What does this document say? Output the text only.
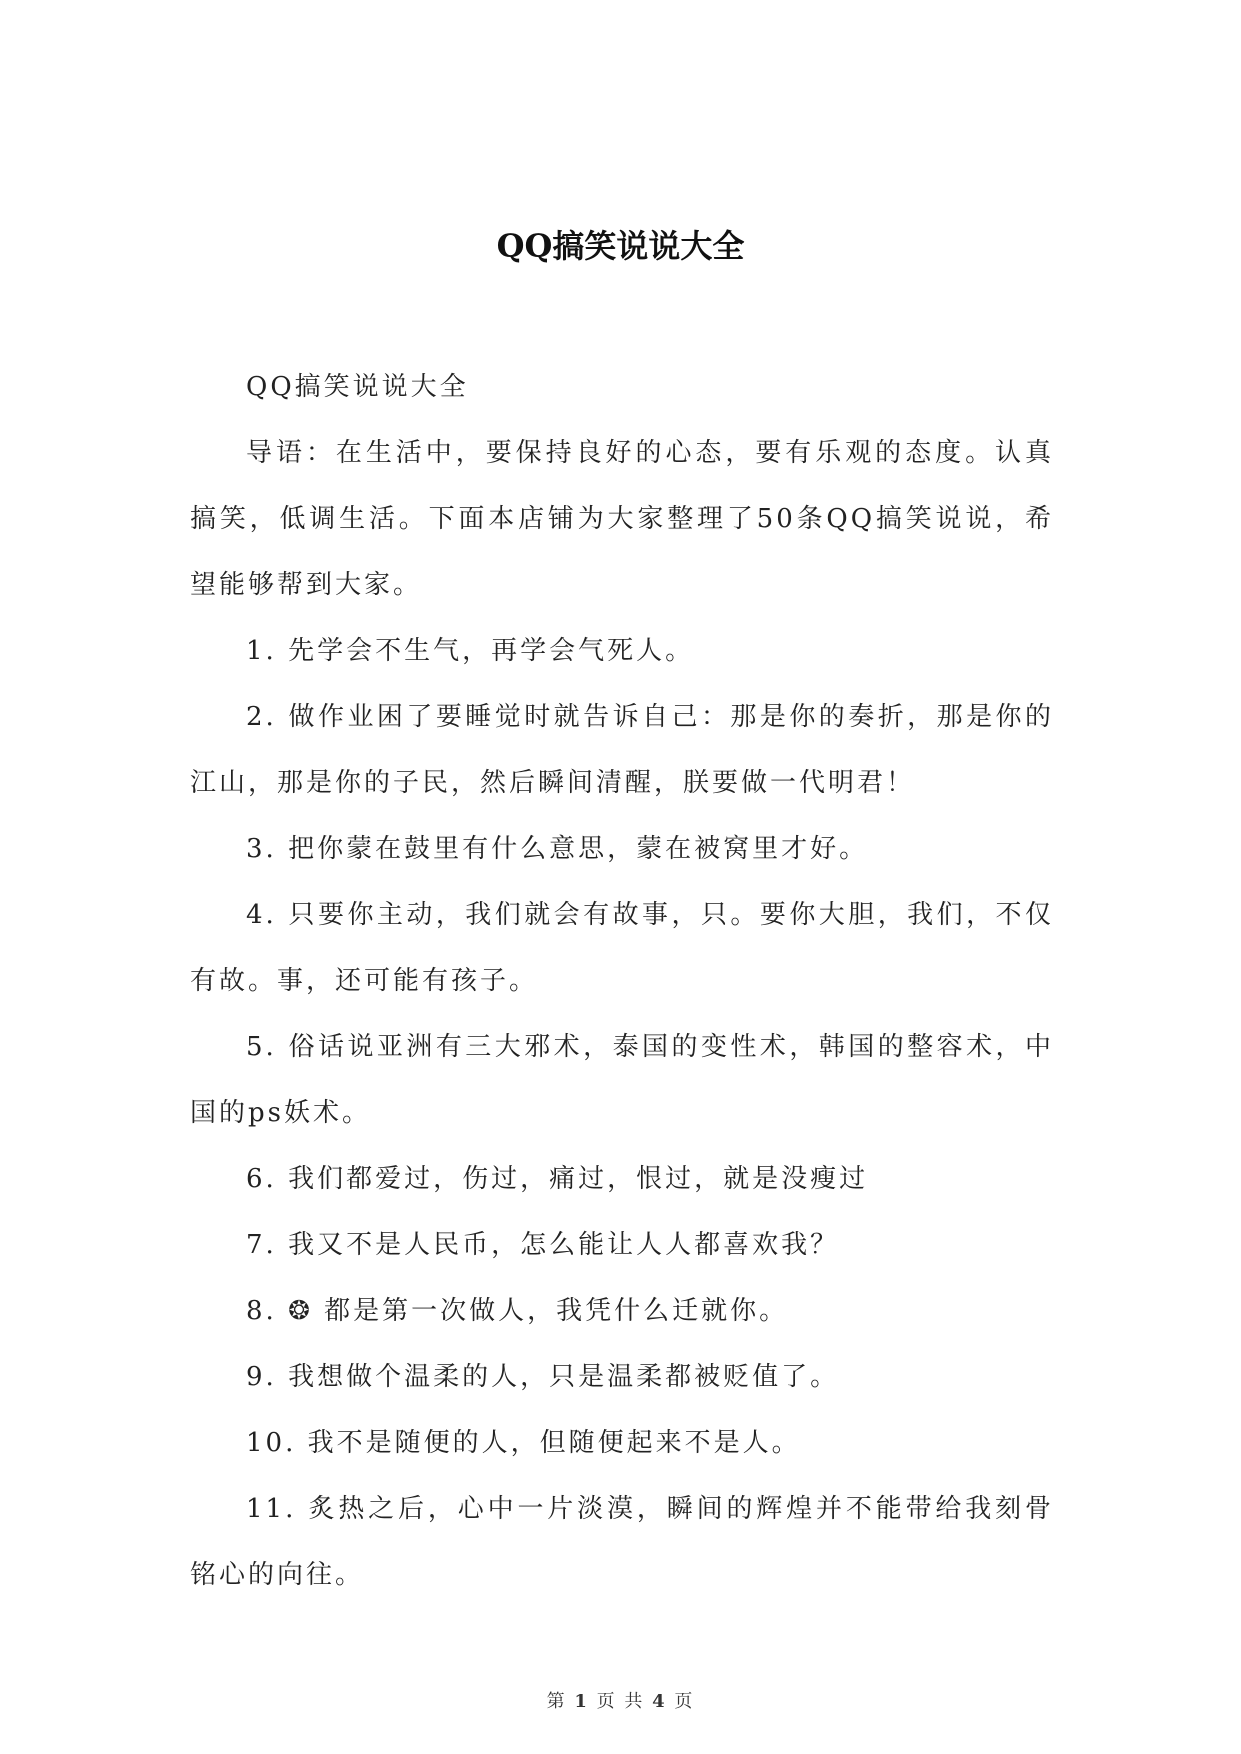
QQ搞笑说说大全

QQ搞笑说说大全

导语：在生活中，要保持良好的心态，要有乐观的态度。认真搞笑，低调生活。下面本店铺为大家整理了50条QQ搞笑说说，希望能够帮到大家。

1. 先学会不生气，再学会气死人。

2. 做作业困了要睡觉时就告诉自己：那是你的奏折，那是你的江山，那是你的子民，然后瞬间清醒，朕要做一代明君！

3. 把你蒙在鼓里有什么意思，蒙在被窝里才好。

4. 只要你主动，我们就会有故事，只。要你大胆，我们，不仅有故。事，还可能有孩子。

5. 俗话说亚洲有三大邪术，泰国的变性术，韩国的整容术，中国的ps妖术。

6. 我们都爱过，伤过，痛过，恨过，就是没瘦过

7. 我又不是人民币，怎么能让人人都喜欢我？

8. ❂ 都是第一次做人，我凭什么迁就你。

9. 我想做个温柔的人，只是温柔都被贬值了。

10. 我不是随便的人，但随便起来不是人。

11. 炙热之后，心中一片淡漠，瞬间的辉煌并不能带给我刻骨铭心的向往。

第 1 页 共 4 页
